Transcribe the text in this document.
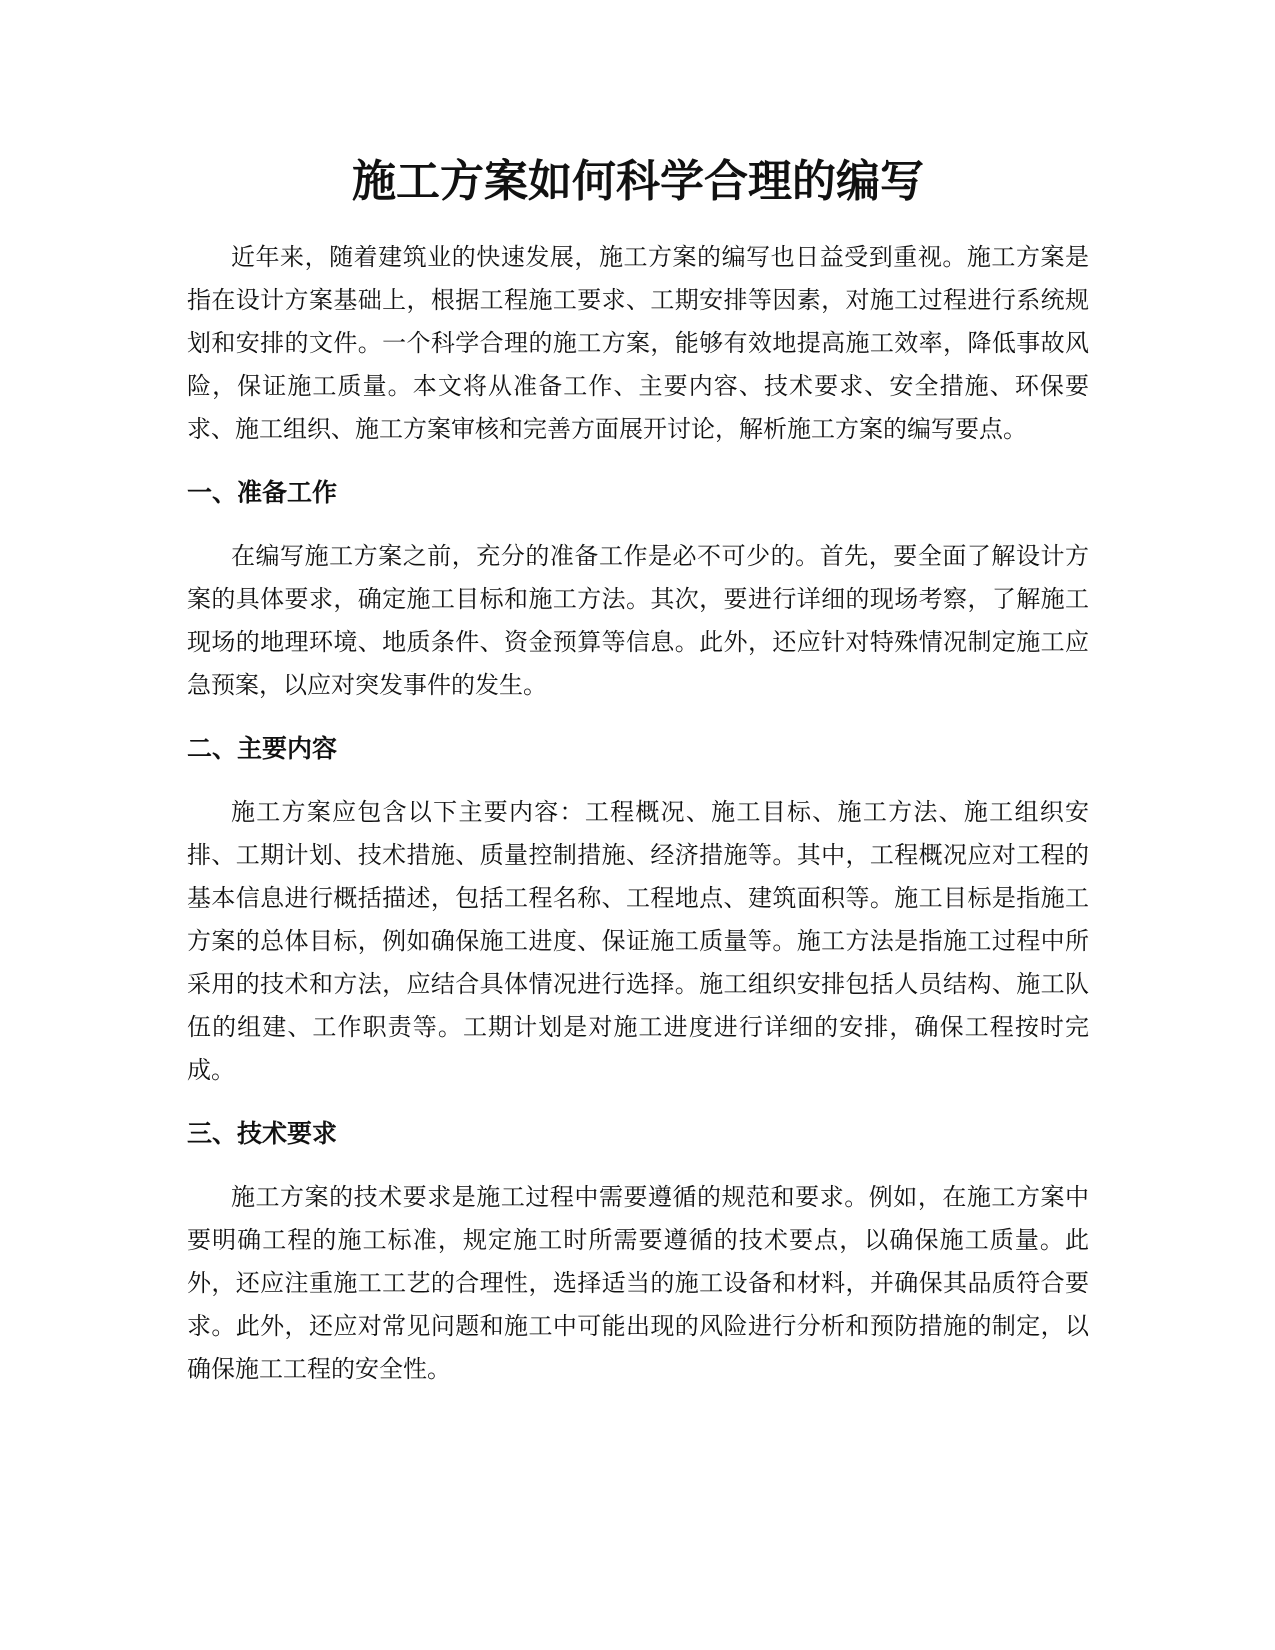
施工方案如何科学合理的编写

近年来，随着建筑业的快速发展，施工方案的编写也日益受到重视。施工方案是指在设计方案基础上，根据工程施工要求、工期安排等因素，对施工过程进行系统规划和安排的文件。一个科学合理的施工方案，能够有效地提高施工效率，降低事故风险，保证施工质量。本文将从准备工作、主要内容、技术要求、安全措施、环保要求、施工组织、施工方案审核和完善方面展开讨论，解析施工方案的编写要点。

一、准备工作

在编写施工方案之前，充分的准备工作是必不可少的。首先，要全面了解设计方案的具体要求，确定施工目标和施工方法。其次，要进行详细的现场考察，了解施工现场的地理环境、地质条件、资金预算等信息。此外，还应针对特殊情况制定施工应急预案，以应对突发事件的发生。

二、主要内容

施工方案应包含以下主要内容：工程概况、施工目标、施工方法、施工组织安排、工期计划、技术措施、质量控制措施、经济措施等。其中，工程概况应对工程的基本信息进行概括描述，包括工程名称、工程地点、建筑面积等。施工目标是指施工方案的总体目标，例如确保施工进度、保证施工质量等。施工方法是指施工过程中所采用的技术和方法，应结合具体情况进行选择。施工组织安排包括人员结构、施工队伍的组建、工作职责等。工期计划是对施工进度进行详细的安排，确保工程按时完成。

三、技术要求

施工方案的技术要求是施工过程中需要遵循的规范和要求。例如，在施工方案中要明确工程的施工标准，规定施工时所需要遵循的技术要点，以确保施工质量。此外，还应注重施工工艺的合理性，选择适当的施工设备和材料，并确保其品质符合要求。此外，还应对常见问题和施工中可能出现的风险进行分析和预防措施的制定，以确保施工工程的安全性。
